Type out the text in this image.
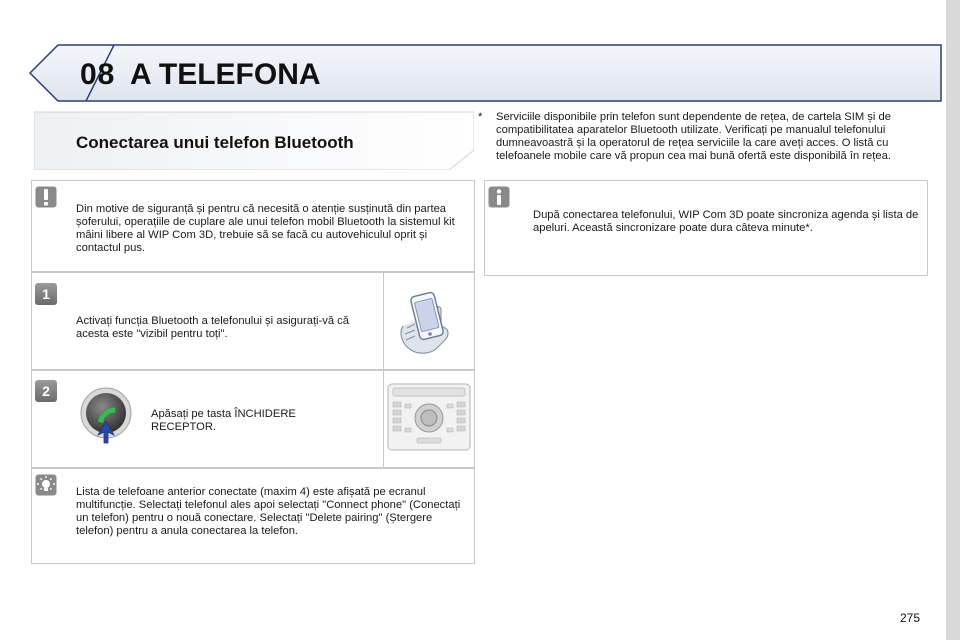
08 A TELEFONA
Conectarea unui telefon Bluetooth
* Serviciile disponibile prin telefon sunt dependente de rețea, de cartela SIM și de compatibilitatea aparatelor Bluetooth utilizate. Verificați pe manualul telefonului dumneavoastră și la operatorul de rețea serviciile la care aveți acces. O listă cu telefoanele mobile care vă propun cea mai bună ofertă este disponibilă în rețea.
Din motive de siguranță și pentru că necesită o atenție susținută din partea șoferului, operațiile de cuplare ale unui telefon mobil Bluetooth la sistemul kit mâini libere al WIP Com 3D, trebuie să se facă cu autovehiculul oprit și contactul pus.
După conectarea telefonului, WIP Com 3D poate sincroniza agenda și lista de apeluri. Această sincronizare poate dura câteva minute*.
1
Activați funcția Bluetooth a telefonului și asigurați-vă că acesta este "vizibil pentru toți".
2
Apăsați pe tasta ÎNCHIDERE RECEPTOR.
Lista de telefoane anterior conectate (maxim 4) este afișată pe ecranul multifuncție. Selectați telefonul ales apoi selectați "Connect phone" (Conectați un telefon) pentru o nouă conectare. Selectați "Delete pairing" (Ștergere telefon) pentru a anula conectarea la telefon.
275
